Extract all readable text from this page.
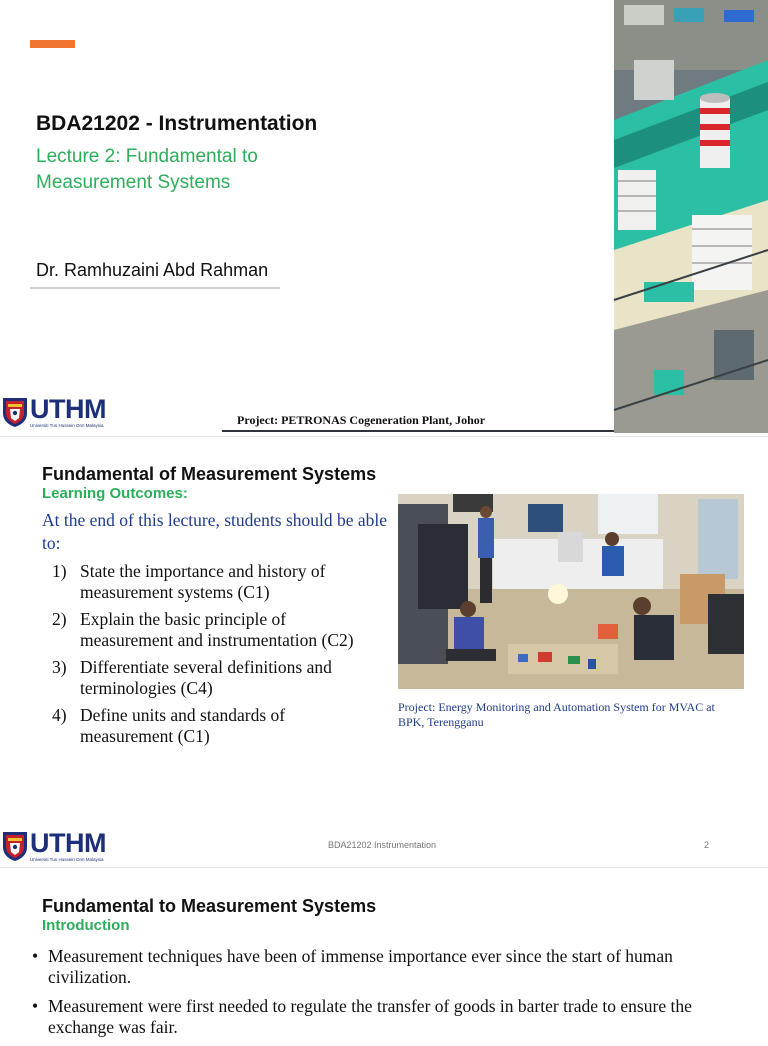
BDA21202 - Instrumentation
Lecture 2: Fundamental to Measurement Systems
Dr. Ramhuzaini Abd Rahman
UTHM
Universiti Tun Hussein Onn Malaysia	Project: PETRONAS Cogeneration Plant, Johor
Fundamental of Measurement Systems
Learning Outcomes:
At the end of this lecture, students should be able to:
1) State the importance and history of measurement systems (C1)
2) Explain the basic principle of measurement and instrumentation (C2)
3) Differentiate several definitions and terminologies (C4)
4) Define units and standards of measurement (C1)
Project: Energy Monitoring and Automation System for MVAC at BPK, Terengganu
UTHM
Universiti Tun Hussein Onn Malaysia
BDA21202 Instrumentation	2
Fundamental to Measurement Systems
Introduction
• Measurement techniques have been of immense importance ever since the start of human civilization.
• Measurement were first needed to regulate the transfer of goods in barter trade to ensure the exchange was fair.
